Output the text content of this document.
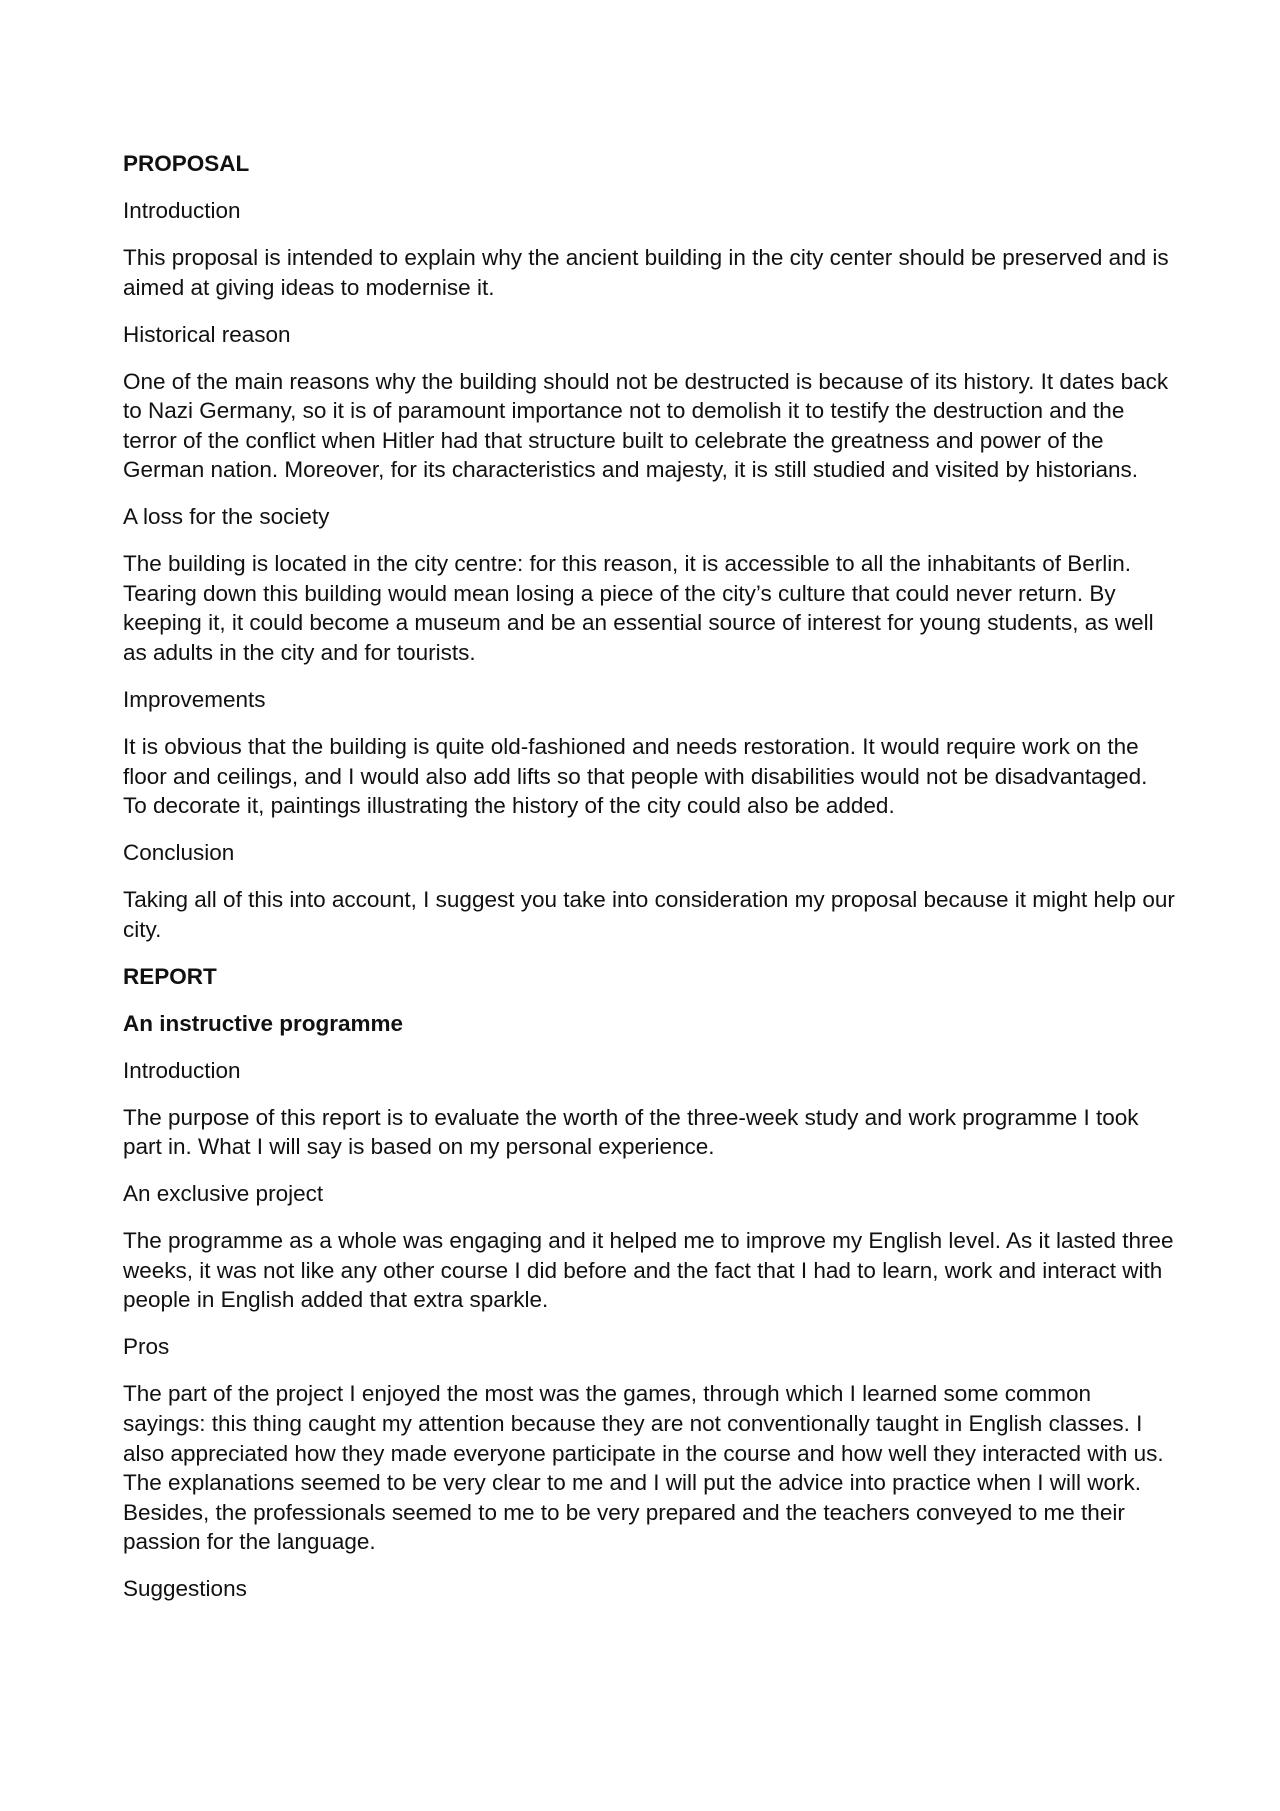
PROPOSAL

Introduction

This proposal is intended to explain why the ancient building in the city center should be preserved and is aimed at giving ideas to modernise it.

Historical reason

One of the main reasons why the building should not be destructed is because of its history. It dates back to Nazi Germany, so it is of paramount importance not to demolish it to testify the destruction and the terror of the conflict when Hitler had that structure built to celebrate the greatness and power of the German nation. Moreover, for its characteristics and majesty, it is still studied and visited by historians.

A loss for the society

The building is located in the city centre: for this reason, it is accessible to all the inhabitants of Berlin. Tearing down this building would mean losing a piece of the city’s culture that could never return. By keeping it, it could become a museum and be an essential source of interest for young students, as well as adults in the city and for tourists.

Improvements

It is obvious that the building is quite old-fashioned and needs restoration. It would require work on the floor and ceilings, and I would also add lifts so that people with disabilities would not be disadvantaged. To decorate it, paintings illustrating the history of the city could also be added.

Conclusion

Taking all of this into account, I suggest you take into consideration my proposal because it might help our city.

REPORT

An instructive programme

Introduction

The purpose of this report is to evaluate the worth of the three-week study and work programme I took part in. What I will say is based on my personal experience.

An exclusive project

The programme as a whole was engaging and it helped me to improve my English level. As it lasted three weeks, it was not like any other course I did before and the fact that I had to learn, work and interact with people in English added that extra sparkle.

Pros

The part of the project I enjoyed the most was the games, through which I learned some common sayings: this thing caught my attention because they are not conventionally taught in English classes. I also appreciated how they made everyone participate in the course and how well they interacted with us. The explanations seemed to be very clear to me and I will put the advice into practice when I will work. Besides, the professionals seemed to me to be very prepared and the teachers conveyed to me their passion for the language.

Suggestions
